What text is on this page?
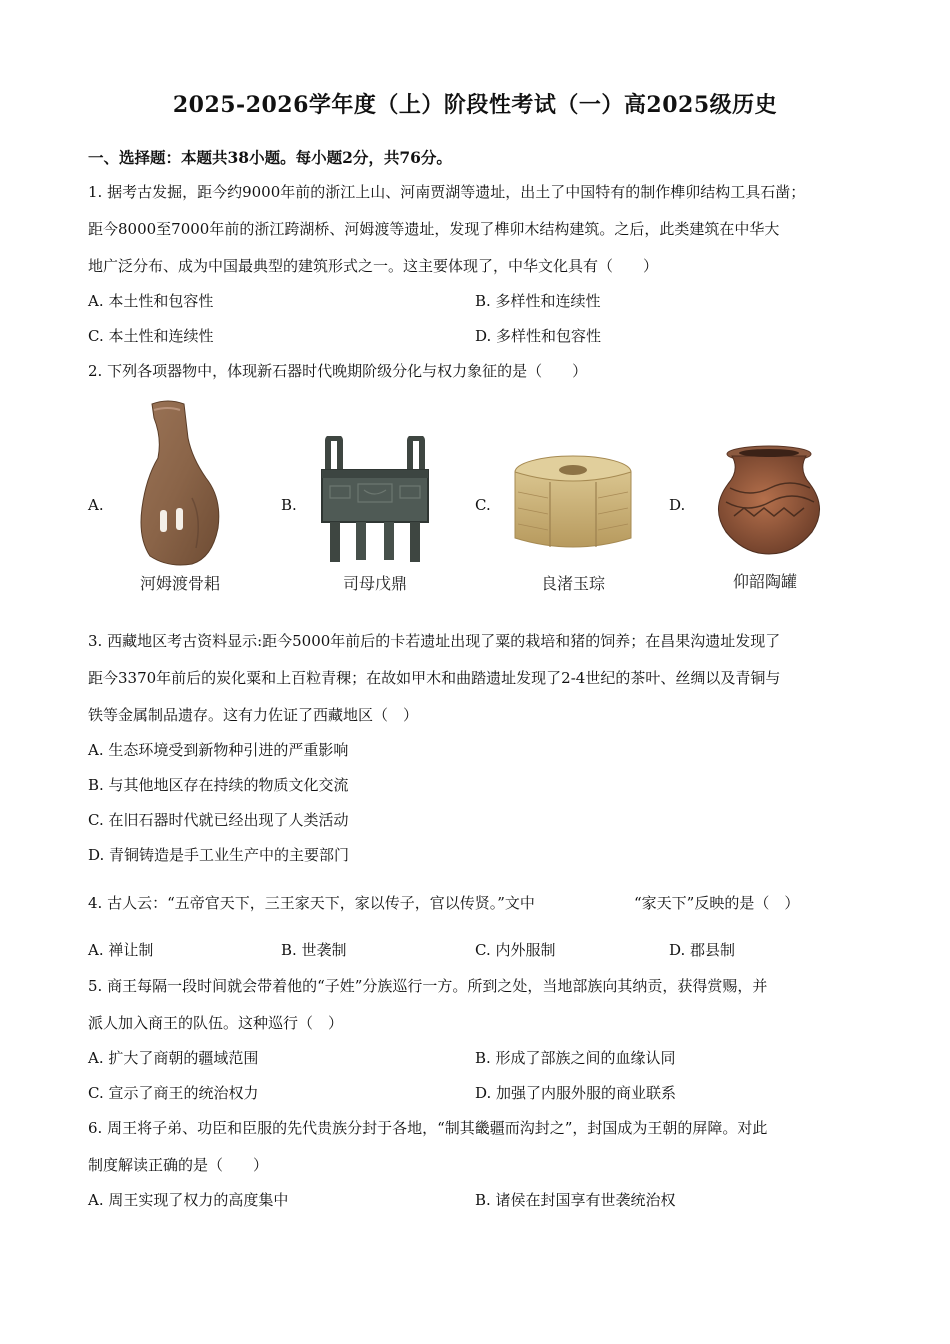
2025-2026学年度（上）阶段性考试（一）高2025级历史
一、选择题：本题共38小题。每小题2分，共76分。
1. 据考古发掘，距今约9000年前的浙江上山、河南贾湖等遗址，出土了中国特有的制作榫卯结构工具石凿；
距今8000至7000年前的浙江跨湖桥、河姆渡等遗址，发现了榫卯木结构建筑。之后，此类建筑在中华大
地广泛分布、成为中国最典型的建筑形式之一。这主要体现了，中华文化具有（　　）
A. 本土性和包容性	B. 多样性和连续性
C. 本土性和连续性	D. 多样性和包容性
2. 下列各项器物中，体现新石器时代晚期阶级分化与权力象征的是（　　）
A.	B.	C.	D.
河姆渡骨耜	司母戊鼎	良渚玉琮	仰韶陶罐
3. 西藏地区考古资料显示:距今5000年前后的卡若遗址出现了粟的栽培和猪的饲养；在昌果沟遗址发现了
距今3370年前后的炭化粟和上百粒青稞；在故如甲木和曲踏遗址发现了2-4世纪的茶叶、丝绸以及青铜与
铁等金属制品遗存。这有力佐证了西藏地区（　）
A. 生态环境受到新物种引进的严重影响
B. 与其他地区存在持续的物质文化交流
C. 在旧石器时代就已经出现了人类活动
D. 青铜铸造是手工业生产中的主要部门
4. 古人云：“五帝官天下，三王家天下，家以传子，官以传贤。”文中	“家天下”反映的是（　）
A. 禅让制	B. 世袭制	C. 内外服制	D. 郡县制
5. 商王每隔一段时间就会带着他的“子姓”分族巡行一方。所到之处，当地部族向其纳贡，获得赏赐，并
派人加入商王的队伍。这种巡行（　）
A. 扩大了商朝的疆域范围	B. 形成了部族之间的血缘认同
C. 宣示了商王的统治权力	D. 加强了内服外服的商业联系
6. 周王将子弟、功臣和臣服的先代贵族分封于各地，“制其畿疆而沟封之”，封国成为王朝的屏障。对此
制度解读正确的是（　　）
A. 周王实现了权力的高度集中	B. 诸侯在封国享有世袭统治权
